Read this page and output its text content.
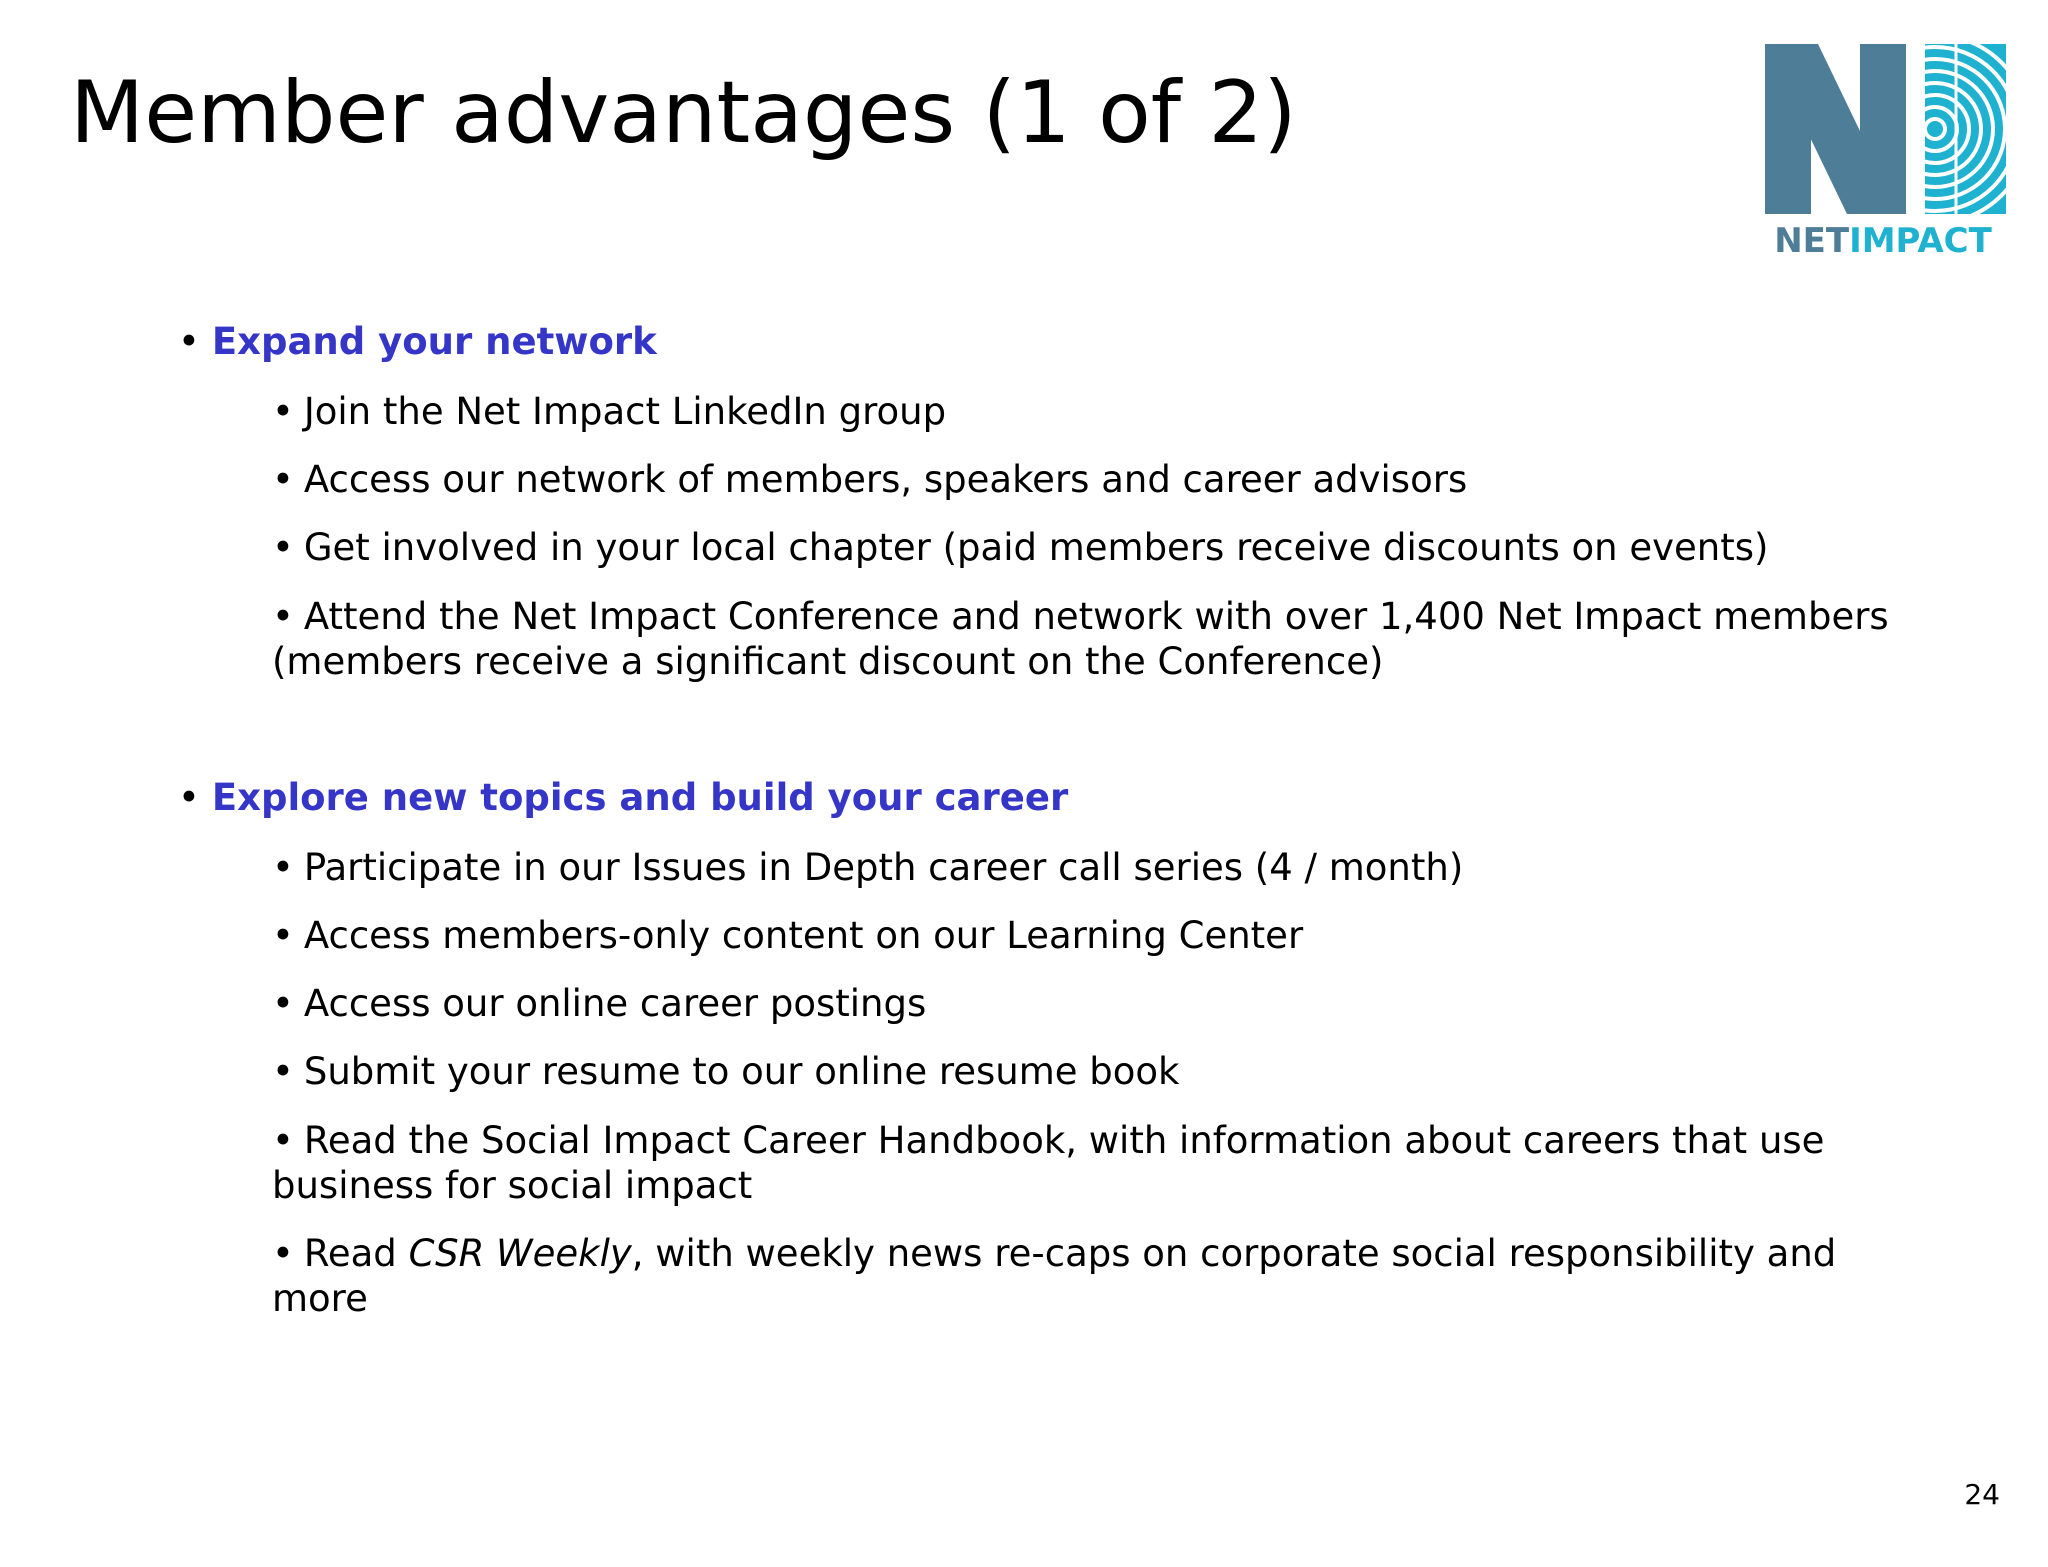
Member advantages (1 of 2)
NETIMPACT
• Expand your network
• Join the Net Impact LinkedIn group
• Access our network of members, speakers and career advisors
• Get involved in your local chapter (paid members receive discounts on events)
• Attend the Net Impact Conference and network with over 1,400 Net Impact members (members receive a significant discount on the Conference)
• Explore new topics and build your career
• Participate in our Issues in Depth career call series (4 / month)
• Access members-only content on our Learning Center
• Access our online career postings
• Submit your resume to our online resume book
• Read the Social Impact Career Handbook, with information about careers that use business for social impact
• Read CSR Weekly, with weekly news re-caps on corporate social responsibility and more
24
